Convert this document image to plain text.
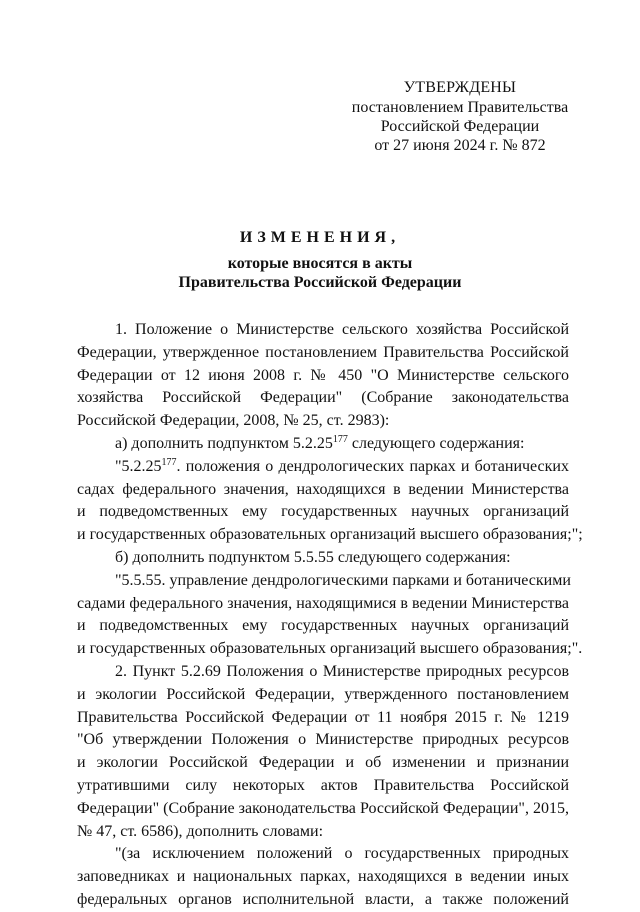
УТВЕРЖДЕНЫ
постановлением Правительства
Российской Федерации
от 27 июня 2024 г. № 872
ИЗМЕНЕНИЯ,
которые вносятся в акты
Правительства Российской Федерации
1. Положение о Министерстве сельского хозяйства Российской
Федерации, утвержденное постановлением Правительства Российской
Федерации от 12 июня 2008 г. № 450 "О Министерстве сельского
хозяйства Российской Федерации" (Собрание законодательства
Российской Федерации, 2008, № 25, ст. 2983):
а) дополнить подпунктом 5.2.25$^{177}$ следующего содержания:
"5.2.25$^{177}$. положения о дендрологических парках и ботанических
садах федерального значения, находящихся в ведении Министерства
и подведомственных ему государственных научных организаций
и государственных образовательных организаций высшего образования;";
б) дополнить подпунктом 5.5.55 следующего содержания:
"5.5.55. управление дендрологическими парками и ботаническими
садами федерального значения, находящимися в ведении Министерства
и подведомственных ему государственных научных организаций
и государственных образовательных организаций высшего образования;".
2. Пункт 5.2.69 Положения о Министерстве природных ресурсов
и экологии Российской Федерации, утвержденного постановлением
Правительства Российской Федерации от 11 ноября 2015 г. № 1219
"Об утверждении Положения о Министерстве природных ресурсов
и экологии Российской Федерации и об изменении и признании
утратившими силу некоторых актов Правительства Российской
Федерации" (Собрание законодательства Российской Федерации", 2015,
№ 47, ст. 6586), дополнить словами:
"(за исключением положений о государственных природных
заповедниках и национальных парках, находящихся в ведении иных
федеральных органов исполнительной власти, а также положений
